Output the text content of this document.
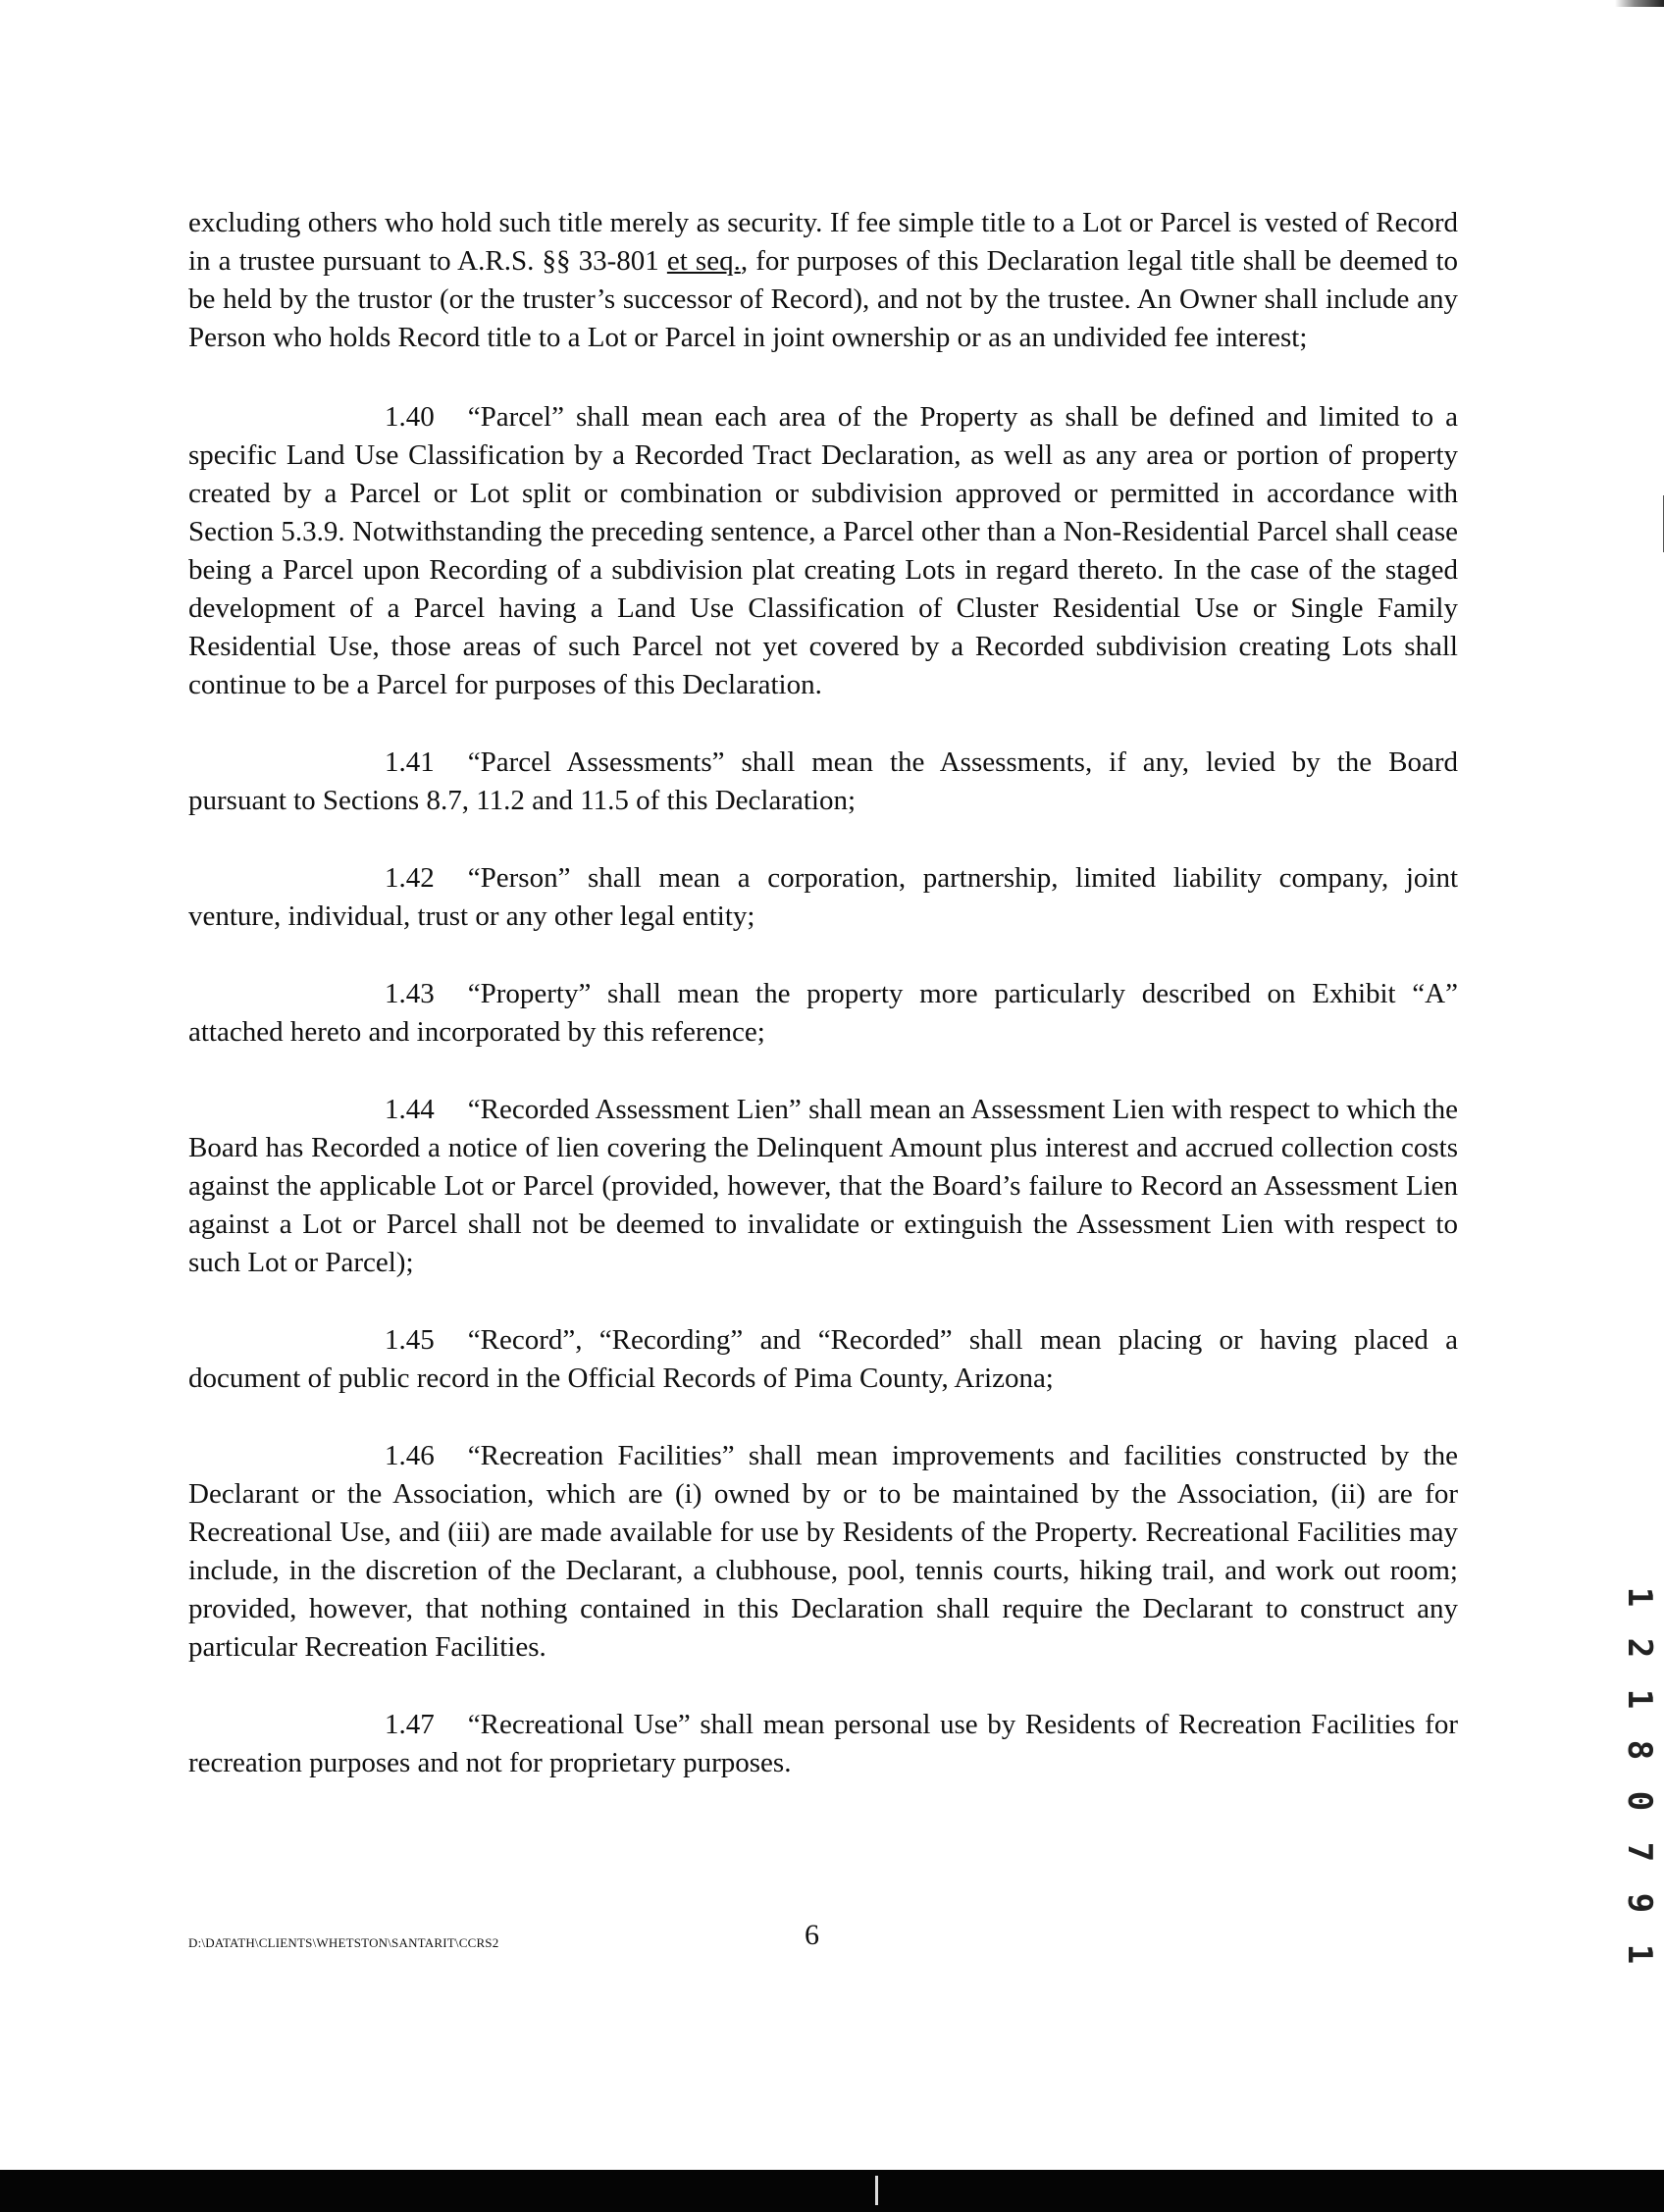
excluding others who hold such title merely as security. If fee simple title to a Lot or Parcel is vested of Record in a trustee pursuant to A.R.S. §§ 33-801 et seq., for purposes of this Declaration legal title shall be deemed to be held by the trustor (or the truster’s successor of Record), and not by the trustee. An Owner shall include any Person who holds Record title to a Lot or Parcel in joint ownership or as an undivided fee interest;

1.40 “Parcel” shall mean each area of the Property as shall be defined and limited to a specific Land Use Classification by a Recorded Tract Declaration, as well as any area or portion of property created by a Parcel or Lot split or combination or subdivision approved or permitted in accordance with Section 5.3.9. Notwithstanding the preceding sentence, a Parcel other than a Non-Residential Parcel shall cease being a Parcel upon Recording of a subdivision plat creating Lots in regard thereto. In the case of the staged development of a Parcel having a Land Use Classification of Cluster Residential Use or Single Family Residential Use, those areas of such Parcel not yet covered by a Recorded subdivision creating Lots shall continue to be a Parcel for purposes of this Declaration.

1.41 “Parcel Assessments” shall mean the Assessments, if any, levied by the Board pursuant to Sections 8.7, 11.2 and 11.5 of this Declaration;

1.42 “Person” shall mean a corporation, partnership, limited liability company, joint venture, individual, trust or any other legal entity;

1.43 “Property” shall mean the property more particularly described on Exhibit “A” attached hereto and incorporated by this reference;

1.44 “Recorded Assessment Lien” shall mean an Assessment Lien with respect to which the Board has Recorded a notice of lien covering the Delinquent Amount plus interest and accrued collection costs against the applicable Lot or Parcel (provided, however, that the Board’s failure to Record an Assessment Lien against a Lot or Parcel shall not be deemed to invalidate or extinguish the Assessment Lien with respect to such Lot or Parcel);

1.45 “Record”, “Recording” and “Recorded” shall mean placing or having placed a document of public record in the Official Records of Pima County, Arizona;

1.46 “Recreation Facilities” shall mean improvements and facilities constructed by the Declarant or the Association, which are (i) owned by or to be maintained by the Association, (ii) are for Recreational Use, and (iii) are made available for use by Residents of the Property. Recreational Facilities may include, in the discretion of the Declarant, a clubhouse, pool, tennis courts, hiking trail, and work out room; provided, however, that nothing contained in this Declaration shall require the Declarant to construct any particular Recreation Facilities.

1.47 “Recreational Use” shall mean personal use by Residents of Recreation Facilities for recreation purposes and not for proprietary purposes.

D:\DATATH\CLIENTS\WHETSTON\SANTARIT\CCRS2	6
1
2
1
8
0
7
9
1
